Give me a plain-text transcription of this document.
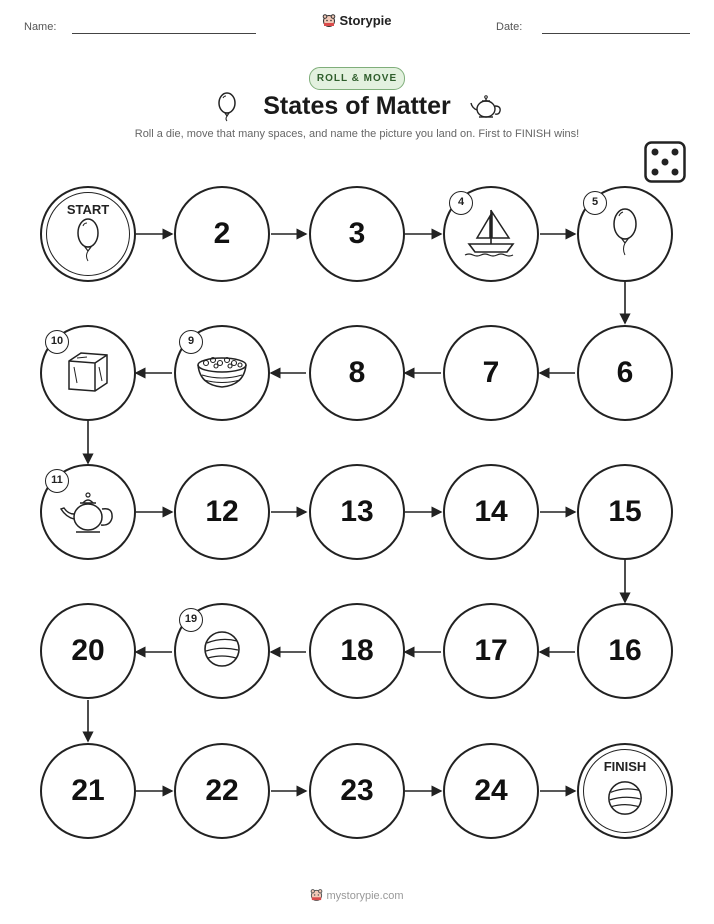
Name:	Storypie	Date:
ROLL & MOVE
States of Matter
Roll a die, move that many spaces, and name the picture you land on. First to FINISH wins!
START
2	3
4	5
10	9
8	7	6
11
12	13	14	15
20
19
18	17	16
21	22	23	24
FINISH
mystorypie.com
